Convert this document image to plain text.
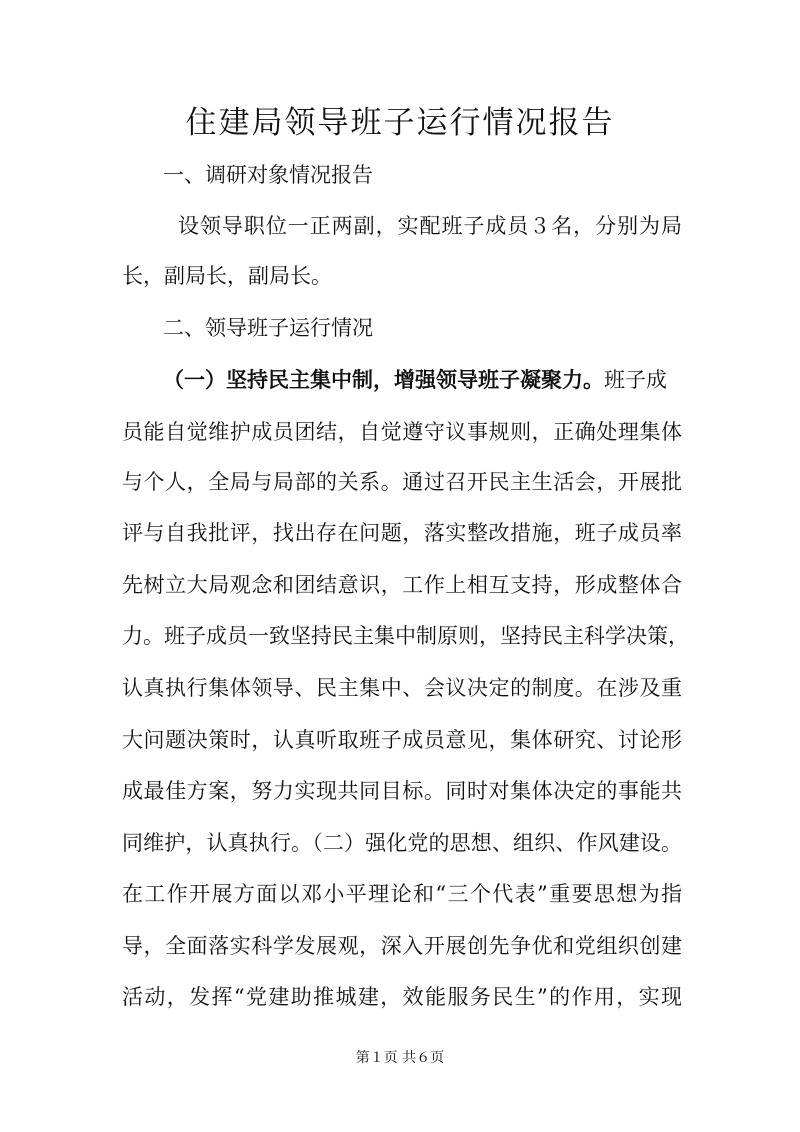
住建局领导班子运行情况报告
一、调研对象情况报告
设领导职位一正两副，实配班子成员３名，分别为局
长，副局长，副局长。
二、领导班子运行情况
（一）坚持民主集中制，增强领导班子凝聚力。班子成
员能自觉维护成员团结，自觉遵守议事规则，正确处理集体
与个人，全局与局部的关系。通过召开民主生活会，开展批
评与自我批评，找出存在问题，落实整改措施，班子成员率
先树立大局观念和团结意识，工作上相互支持，形成整体合
力。班子成员一致坚持民主集中制原则，坚持民主科学决策，
认真执行集体领导、民主集中、会议决定的制度。在涉及重
大问题决策时，认真听取班子成员意见，集体研究、讨论形
成最佳方案，努力实现共同目标。同时对集体决定的事能共
同维护，认真执行。（二）强化党的思想、组织、作风建设。
在工作开展方面以邓小平理论和“三个代表”重要思想为指
导，全面落实科学发展观，深入开展创先争优和党组织创建
活动，发挥“党建助推城建，效能服务民生”的作用，实现
第１页 共６页
